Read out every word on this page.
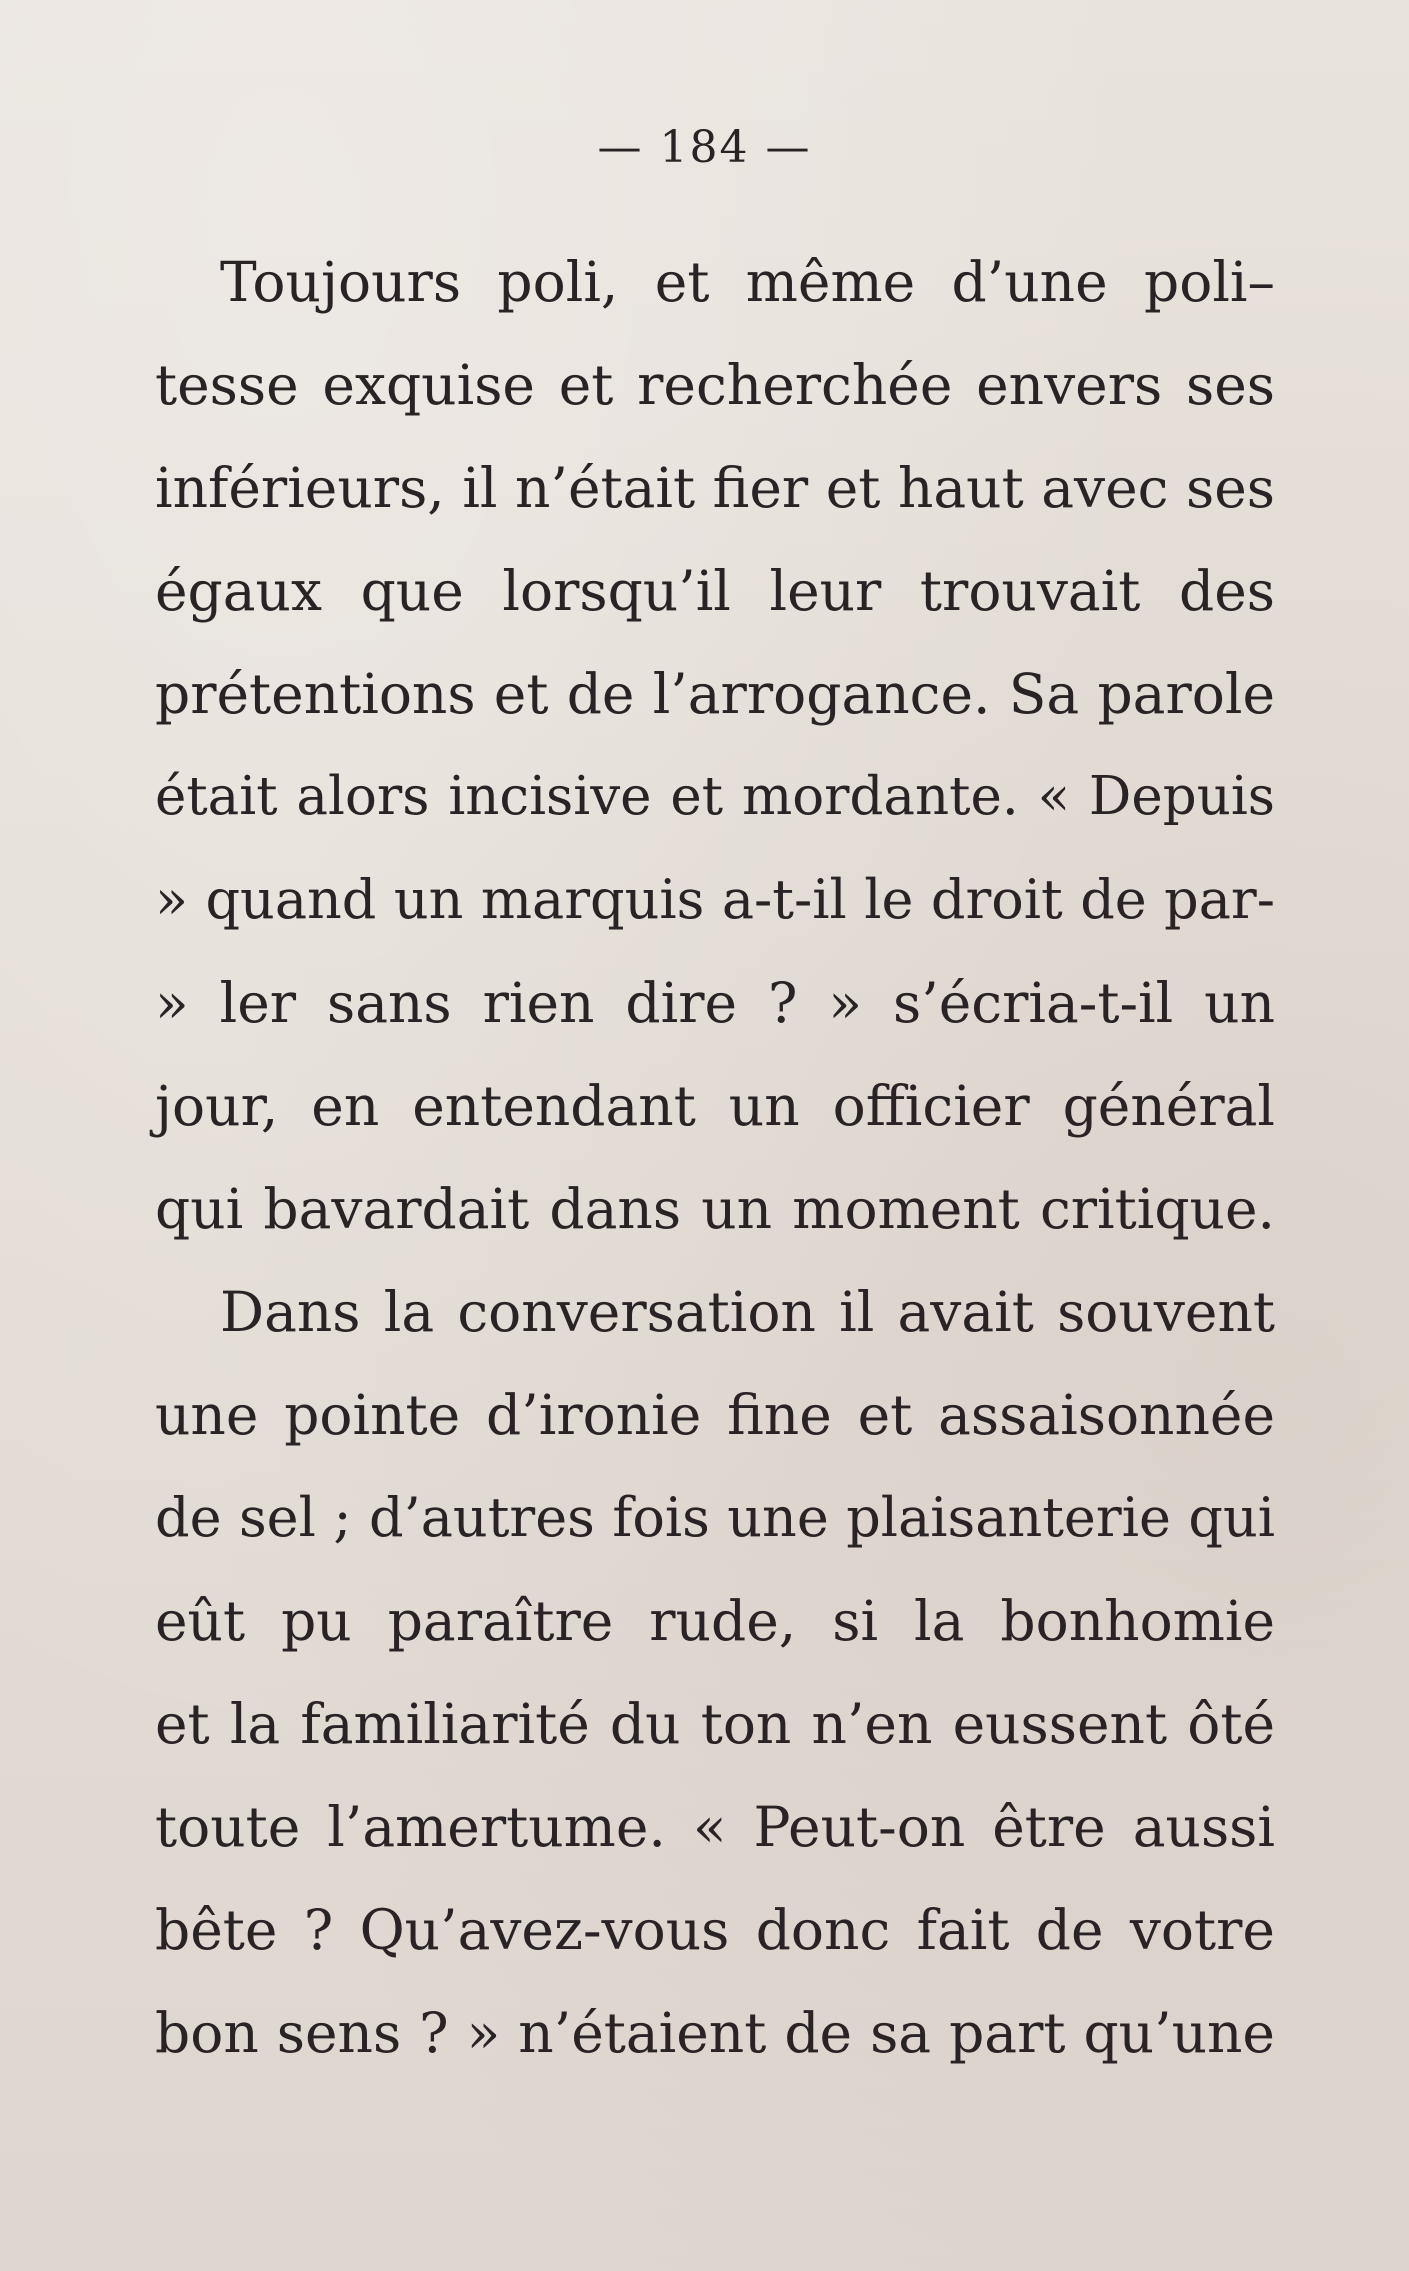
— 184 —
Toujours poli, et même d’une poli–
tesse exquise et recherchée envers ses
inférieurs, il n’était fier et haut avec ses
égaux que lorsqu’il leur trouvait des
prétentions et de l’arrogance. Sa parole
était alors incisive et mordante. « Depuis
» quand un marquis a-t-il le droit de par-
» ler sans rien dire ? » s’écria-t-il un
jour, en entendant un officier général
qui bavardait dans un moment critique.
Dans la conversation il avait souvent
une pointe d’ironie fine et assaisonnée
de sel ; d’autres fois une plaisanterie qui
eût pu paraître rude, si la bonhomie
et la familiarité du ton n’en eussent ôté
toute l’amertume. « Peut-on être aussi
bête ? Qu’avez-vous donc fait de votre
bon sens ? » n’étaient de sa part qu’une
